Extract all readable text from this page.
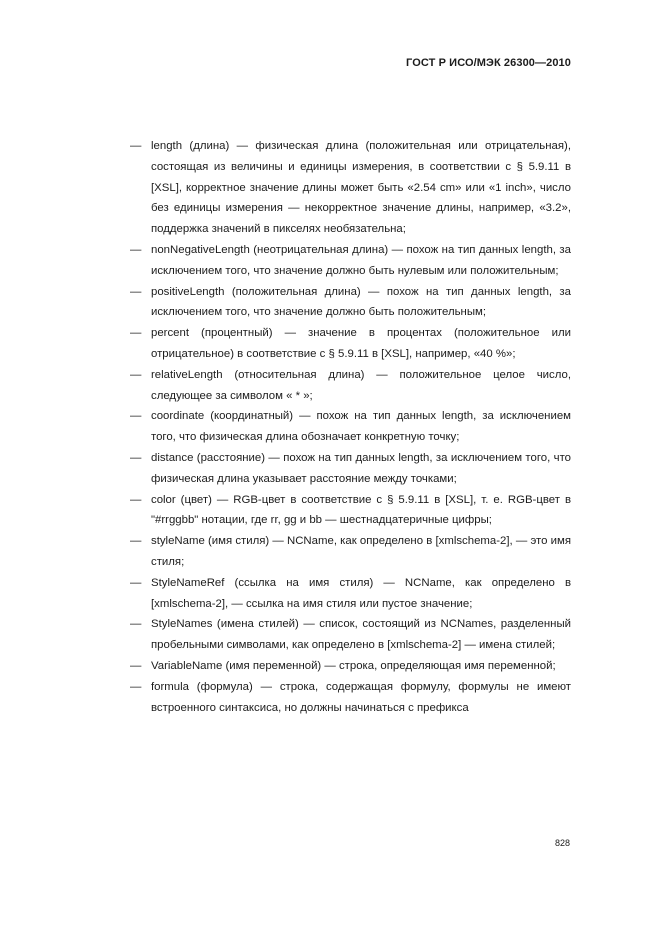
ГОСТ Р ИСО/МЭК 26300—2010
— length (длина) — физическая длина (положительная или отрицательная), состоящая из величины и единицы измерения, в соответствии с § 5.9.11 в [XSL], корректное значение длины может быть «2.54 cm» или «1 inch», число без единицы измерения — некорректное значение длины, например, «3.2», поддержка значений в пикселях необязательна;
— nonNegativeLength (неотрицательная длина) — похож на тип данных length, за исключением того, что значение должно быть нулевым или положительным;
— positiveLength (положительная длина) — похож на тип данных length, за исключением того, что значение должно быть положительным;
— percent (процентный) — значение в процентах (положительное или отрицательное) в соответствие с § 5.9.11 в [XSL], например, «40 %»;
— relativeLength (относительная длина) — положительное целое число, следующее за символом « * »;
— coordinate (координатный) — похож на тип данных length, за исключением того, что физическая длина обозначает конкретную точку;
— distance (расстояние) — похож на тип данных length, за исключением того, что физическая длина указывает расстояние между точками;
— color (цвет) — RGB-цвет в соответствие с § 5.9.11 в [XSL], т. е. RGB-цвет в "#rrggbb" нотации, где rr, gg и bb — шестнадцатеричные цифры;
— styleName (имя стиля) — NCName, как определено в [xmlschema-2], — это имя стиля;
— StyleNameRef (ссылка на имя стиля) — NCName, как определено в [xmlschema-2], — ссылка на имя стиля или пустое значение;
— StyleNames (имена стилей) — список, состоящий из NCNames, разделенный пробельными символами, как определено в [xmlschema-2] — имена стилей;
— VariableName (имя переменной) — строка, определяющая имя переменной;
— formula (формула) — строка, содержащая формулу, формулы не имеют встроенного синтаксиса, но должны начинаться с префикса
828
